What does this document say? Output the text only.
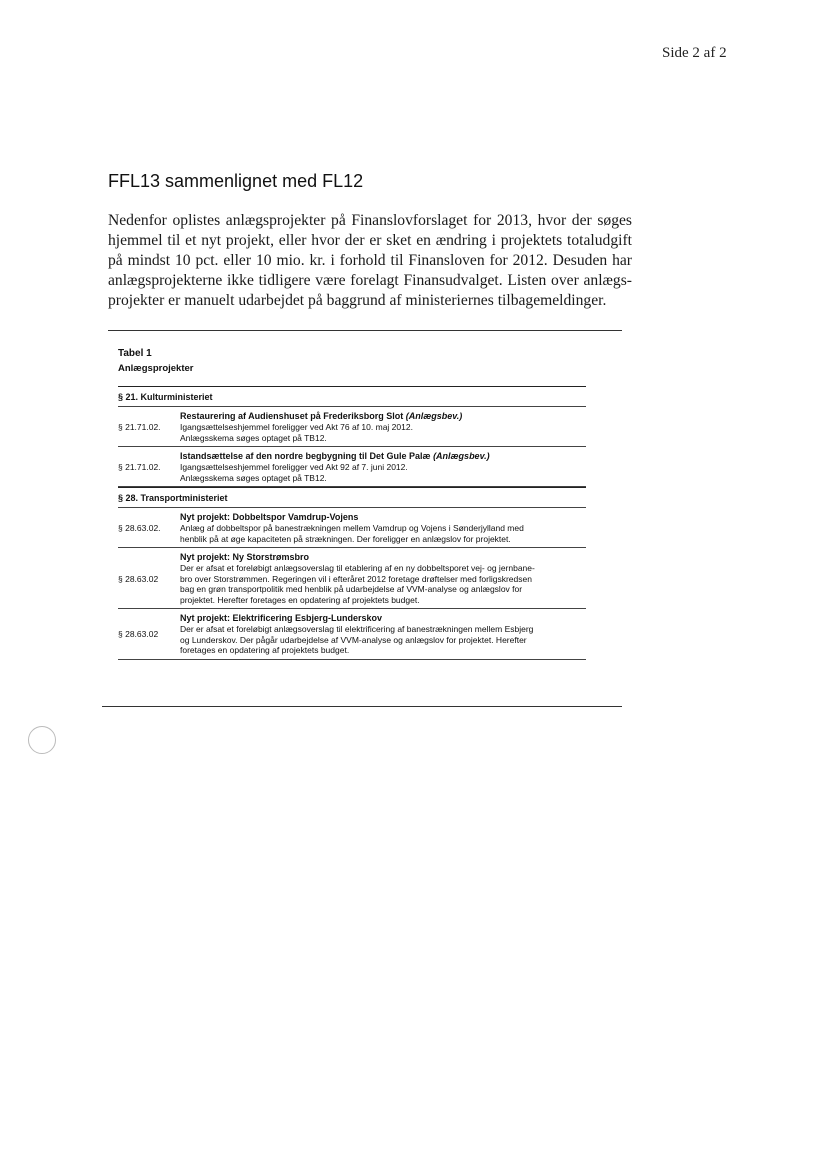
Side 2 af 2
FFL13 sammenlignet med FL12
Nedenfor oplistes anlægsprojekter på Finanslovforslaget for 2013, hvor der søges hjemmel til et nyt projekt, eller hvor der er sket en ændring i projektets totaludgift på mindst 10 pct. eller 10 mio. kr. i forhold til Finansloven for 2012. Desuden har anlægsprojekterne ikke tidligere være forelagt Finansudvalget. Listen over anlægsprojekter er manuelt udarbejdet på baggrund af ministeriernes tilbagemeldinger.
Tabel 1
Anlægsprojekter
§ 21. Kulturministeriet
§ 21.71.02.
Restaurering af Audienshuset på Frederiksborg Slot (Anlægsbev.)
Igangsættelseshjemmel foreligger ved Akt 76 af 10. maj 2012.
Anlægsskema søges optaget på TB12.
§ 21.71.02.
Istandsættelse af den nordre begbygning til Det Gule Palæ (Anlægsbev.)
Igangsættelseshjemmel foreligger ved Akt 92 af 7. juni 2012.
Anlægsskema søges optaget på TB12.
§ 28. Transportministeriet
§ 28.63.02.
Nyt projekt: Dobbeltspor Vamdrup-Vojens
Anlæg af dobbeltspor på banestrækningen mellem Vamdrup og Vojens i Sønderjylland med
henblik på at øge kapaciteten på strækningen. Der foreligger en anlægslov for projektet.
§ 28.63.02
Nyt projekt: Ny Storstrømsbro
Der er afsat et foreløbigt anlægsoverslag til etablering af en ny dobbeltsporet vej- og jernbane-
bro over Storstrømmen. Regeringen vil i efteråret 2012 foretage drøftelser med forligskredsen
bag en grøn transportpolitik med henblik på udarbejdelse af VVM-analyse og anlægslov for
projektet. Herefter foretages en opdatering af projektets budget.
§ 28.63.02
Nyt projekt: Elektrificering Esbjerg-Lunderskov
Der er afsat et foreløbigt anlægsoverslag til elektrificering af banestrækningen mellem Esbjerg
og Lunderskov. Der pågår udarbejdelse af VVM-analyse og anlægslov for projektet. Herefter
foretages en opdatering af projektets budget.
